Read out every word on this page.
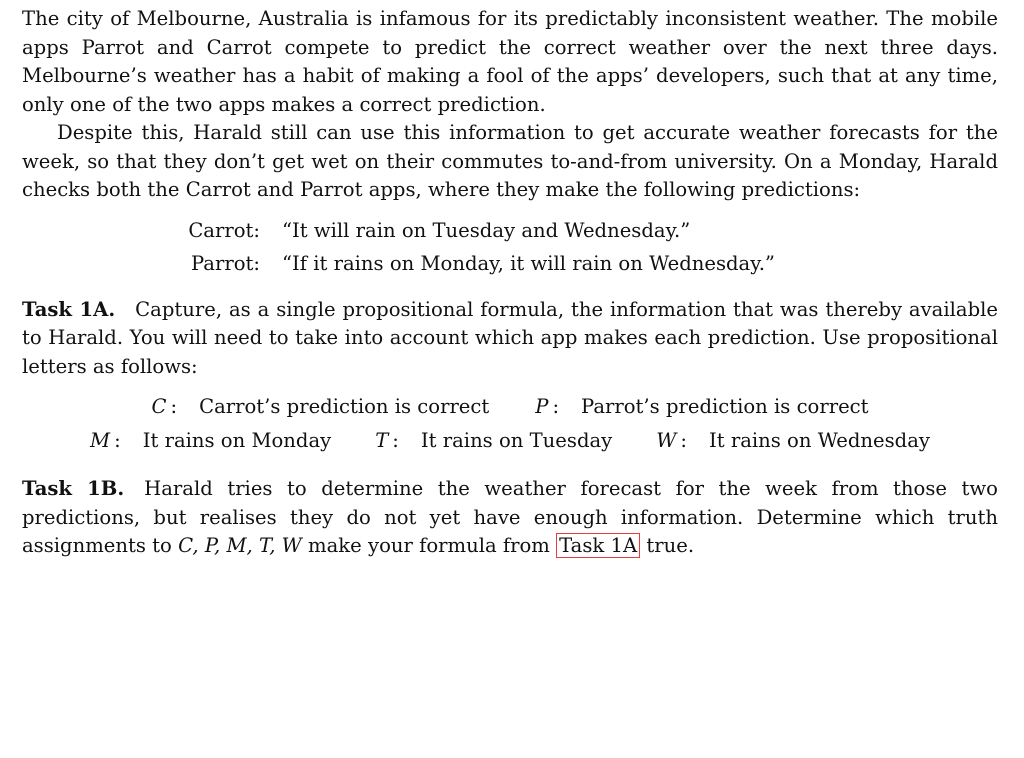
The city of Melbourne, Australia is infamous for its predictably inconsistent weather. The mobile apps Parrot and Carrot compete to predict the correct weather over the next three days. Melbourne’s weather has a habit of making a fool of the apps’ developers, such that at any time, only one of the two apps makes a correct prediction.

Despite this, Harald still can use this information to get accurate weather forecasts for the week, so that they don’t get wet on their commutes to-and-from university. On a Monday, Harald checks both the Carrot and Parrot apps, where they make the following predictions:

Carrot:	“It will rain on Tuesday and Wednesday.”
Parrot:	“If it rains on Monday, it will rain on Wednesday.”

Task 1A. Capture, as a single propositional formula, the information that was thereby available to Harald. You will need to take into account which app makes each prediction. Use propositional letters as follows:

C : Carrot’s prediction is correct P : Parrot’s prediction is correct
M : It rains on Monday T : It rains on Tuesday W : It rains on Wednesday

Task 1B. Harald tries to determine the weather forecast for the week from those two predictions, but realises they do not yet have enough information. Determine which truth assignments to C, P, M, T, W make your formula from Task 1A true.
